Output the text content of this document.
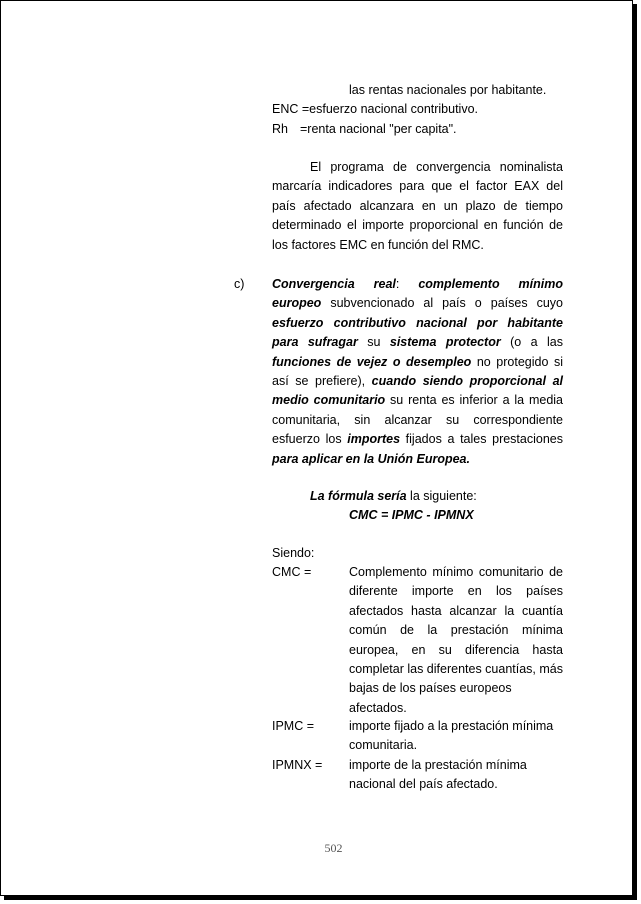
las rentas nacionales por habitante.

ENC =esfuerzo nacional contributivo.

Rh =renta nacional "per capita".

El programa de convergencia nominalista marcaría indicadores para que el factor EAX del país afectado alcanzara en un plazo de tiempo determinado el importe proporcional en función de los factores EMC en función del RMC.

c) Convergencia real: complemento mínimo europeo subvencionado al país o países cuyo esfuerzo contributivo nacional por habitante para sufragar su sistema protector (o a las funciones de vejez o desempleo no protegido si así se prefiere), cuando siendo proporcional al medio comunitario su renta es inferior a la media comunitaria, sin alcanzar su correspondiente esfuerzo los importes fijados a tales prestaciones para aplicar en la Unión Europea.

La fórmula sería la siguiente:

CMC = IPMC - IPMNX

Siendo:

CMC =	Complemento mínimo comunitario de diferente importe en los países afectados hasta alcanzar la cuantía común de la prestación mínima europea, en su diferencia hasta completar las diferentes cuantías, más bajas de los países europeos
afectados.

IPMC =	importe fijado a la prestación mínima
comunitaria.

IPMNX = importe de la prestación mínima
nacional del país afectado.

502
